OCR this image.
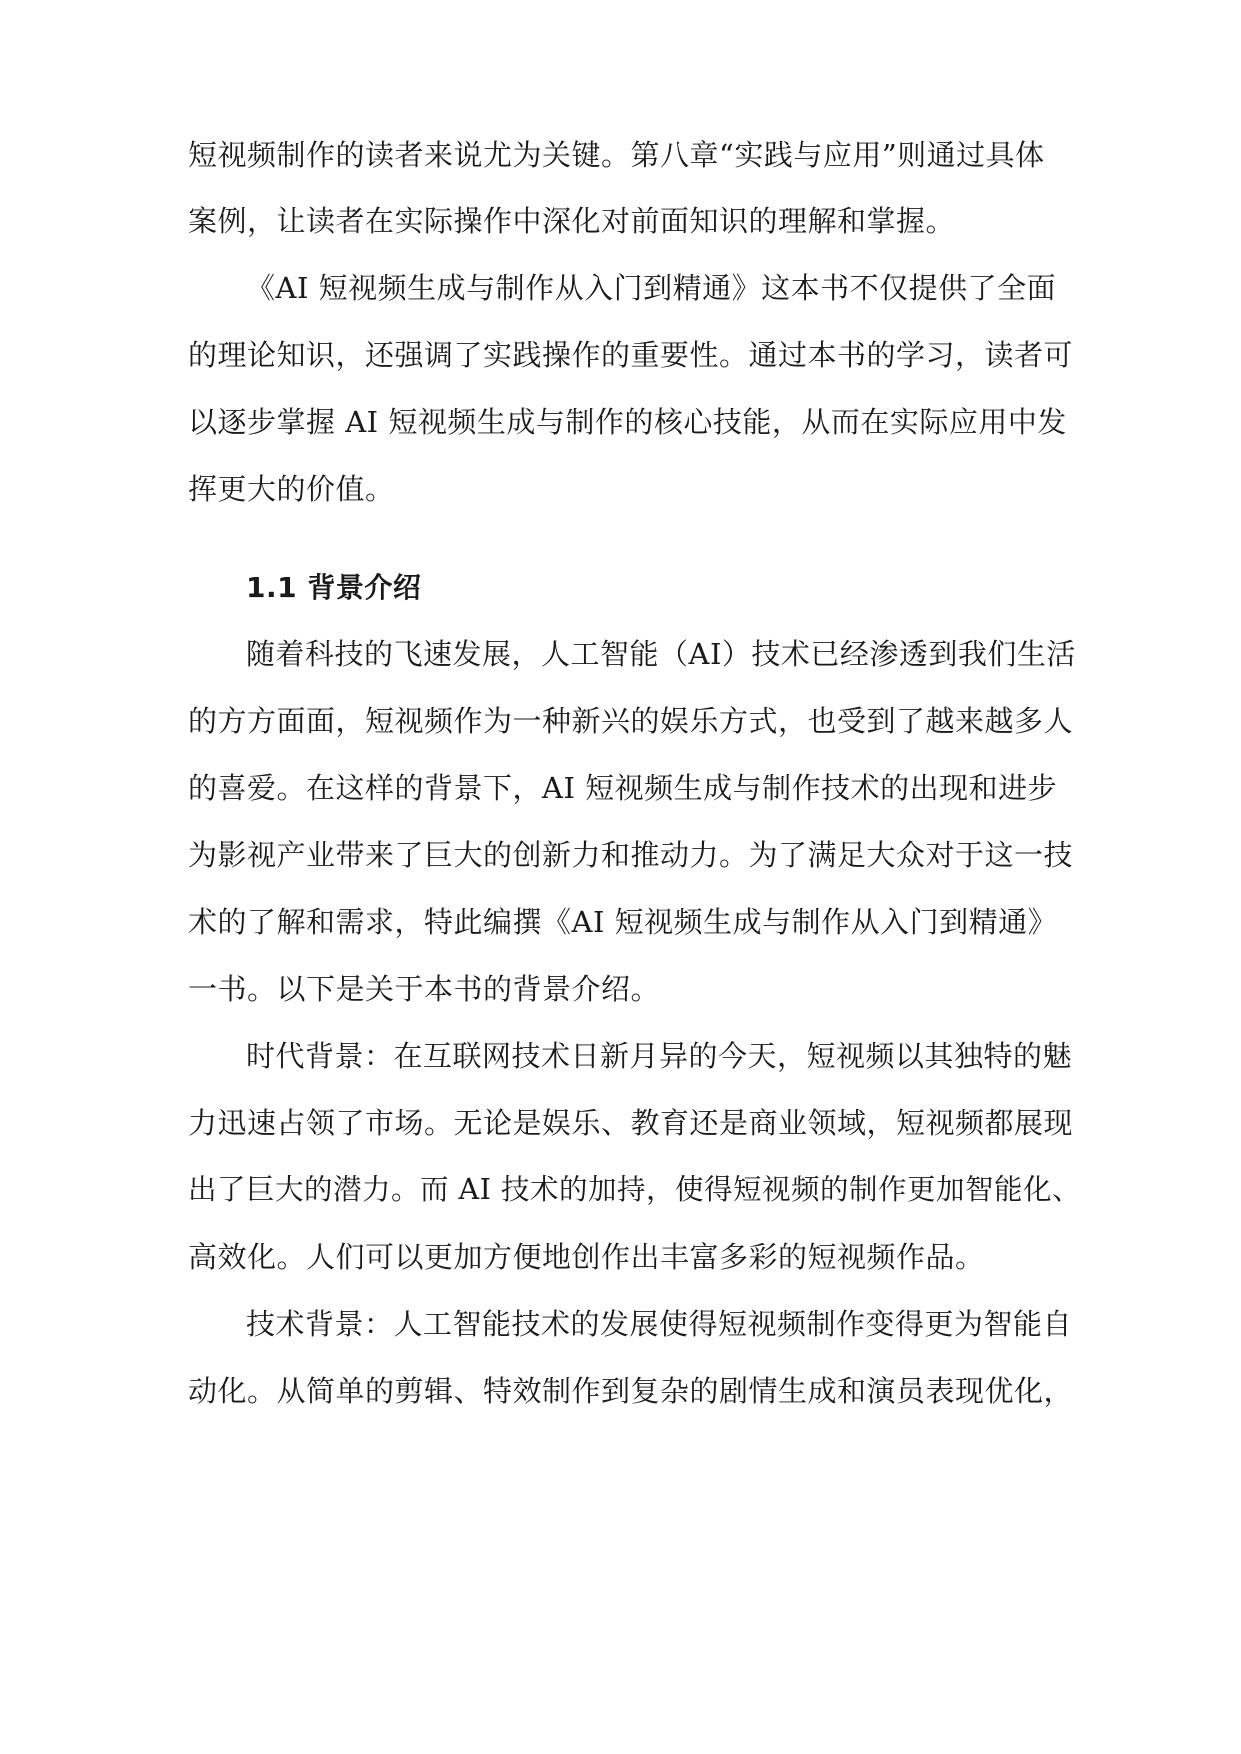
短视频制作的读者来说尤为关键。第八章“实践与应用”则通过具体
案例，让读者在实际操作中深化对前面知识的理解和掌握。
《AI 短视频生成与制作从入门到精通》这本书不仅提供了全面
的理论知识，还强调了实践操作的重要性。通过本书的学习，读者可
以逐步掌握 AI 短视频生成与制作的核心技能，从而在实际应用中发
挥更大的价值。
1.1 背景介绍
随着科技的飞速发展，人工智能（AI）技术已经渗透到我们生活
的方方面面，短视频作为一种新兴的娱乐方式，也受到了越来越多人
的喜爱。在这样的背景下，AI 短视频生成与制作技术的出现和进步
为影视产业带来了巨大的创新力和推动力。为了满足大众对于这一技
术的了解和需求，特此编撰《AI 短视频生成与制作从入门到精通》
一书。以下是关于本书的背景介绍。
时代背景：在互联网技术日新月异的今天，短视频以其独特的魅
力迅速占领了市场。无论是娱乐、教育还是商业领域，短视频都展现
出了巨大的潜力。而 AI 技术的加持，使得短视频的制作更加智能化、
高效化。人们可以更加方便地创作出丰富多彩的短视频作品。
技术背景：人工智能技术的发展使得短视频制作变得更为智能自
动化。从简单的剪辑、特效制作到复杂的剧情生成和演员表现优化，
